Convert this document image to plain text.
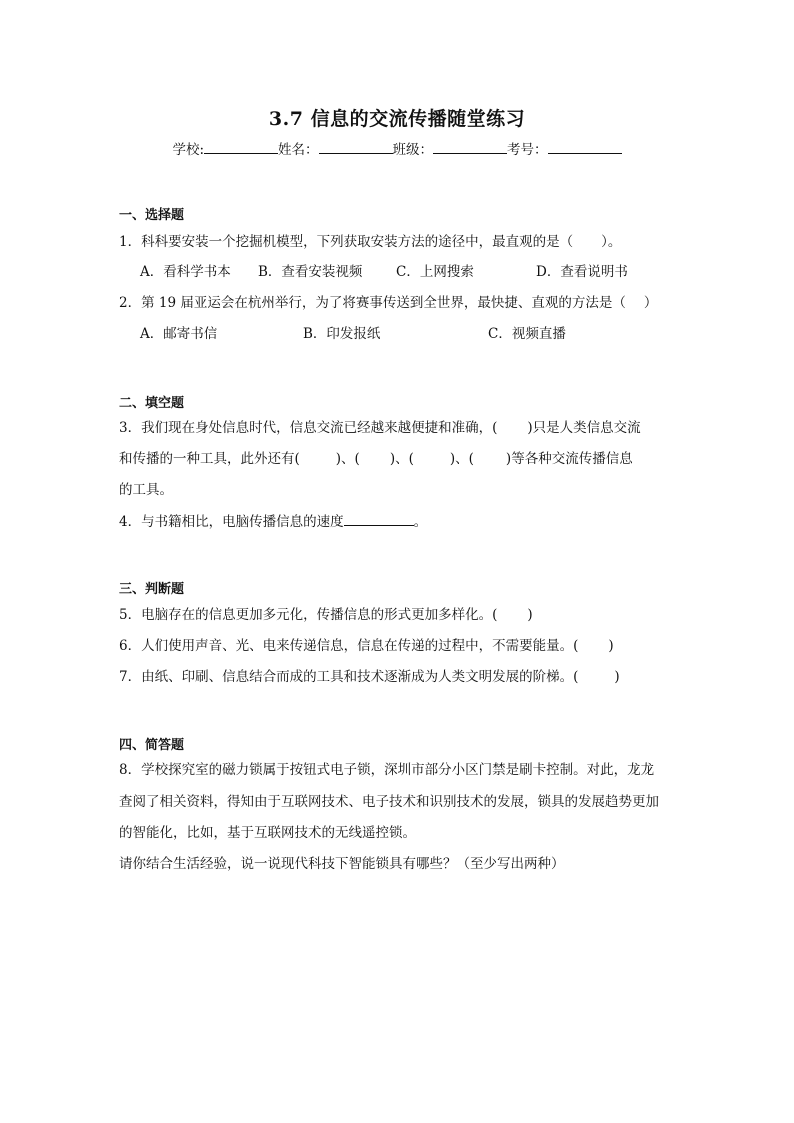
3.7 信息的交流传播随堂练习
学校:	姓名：	班级：	考号：
一、选择题
1．科科要安装一个挖掘机模型，下列获取安装方法的途径中，最直观的是（ ）。
A．看科学书本 B．查看安装视频 C．上网搜索	D．查看说明书
2．第 19 届亚运会在杭州举行，为了将赛事传送到全世界，最快捷、直观的方法是（ ）
A．邮寄书信	B．印发报纸	C．视频直播
二、填空题
3．我们现在身处信息时代，信息交流已经越来越便捷和准确，( )只是人类信息交流
和传播的一种工具，此外还有(	)、( )、(	)、( )等各种交流传播信息
的工具。
4．与书籍相比，电脑传播信息的速度	。
三、判断题
5．电脑存在的信息更加多元化，传播信息的形式更加多样化。( )
6．人们使用声音、光、电来传递信息，信息在传递的过程中，不需要能量。( )
7．由纸、印刷、信息结合而成的工具和技术逐渐成为人类文明发展的阶梯。(	)
四、简答题
8．学校探究室的磁力锁属于按钮式电子锁，深圳市部分小区门禁是刷卡控制。对此，龙龙
查阅了相关资料，得知由于互联网技术、电子技术和识别技术的发展，锁具的发展趋势更加
的智能化，比如，基于互联网技术的无线遥控锁。
请你结合生活经验，说一说现代科技下智能锁具有哪些？（至少写出两种）
